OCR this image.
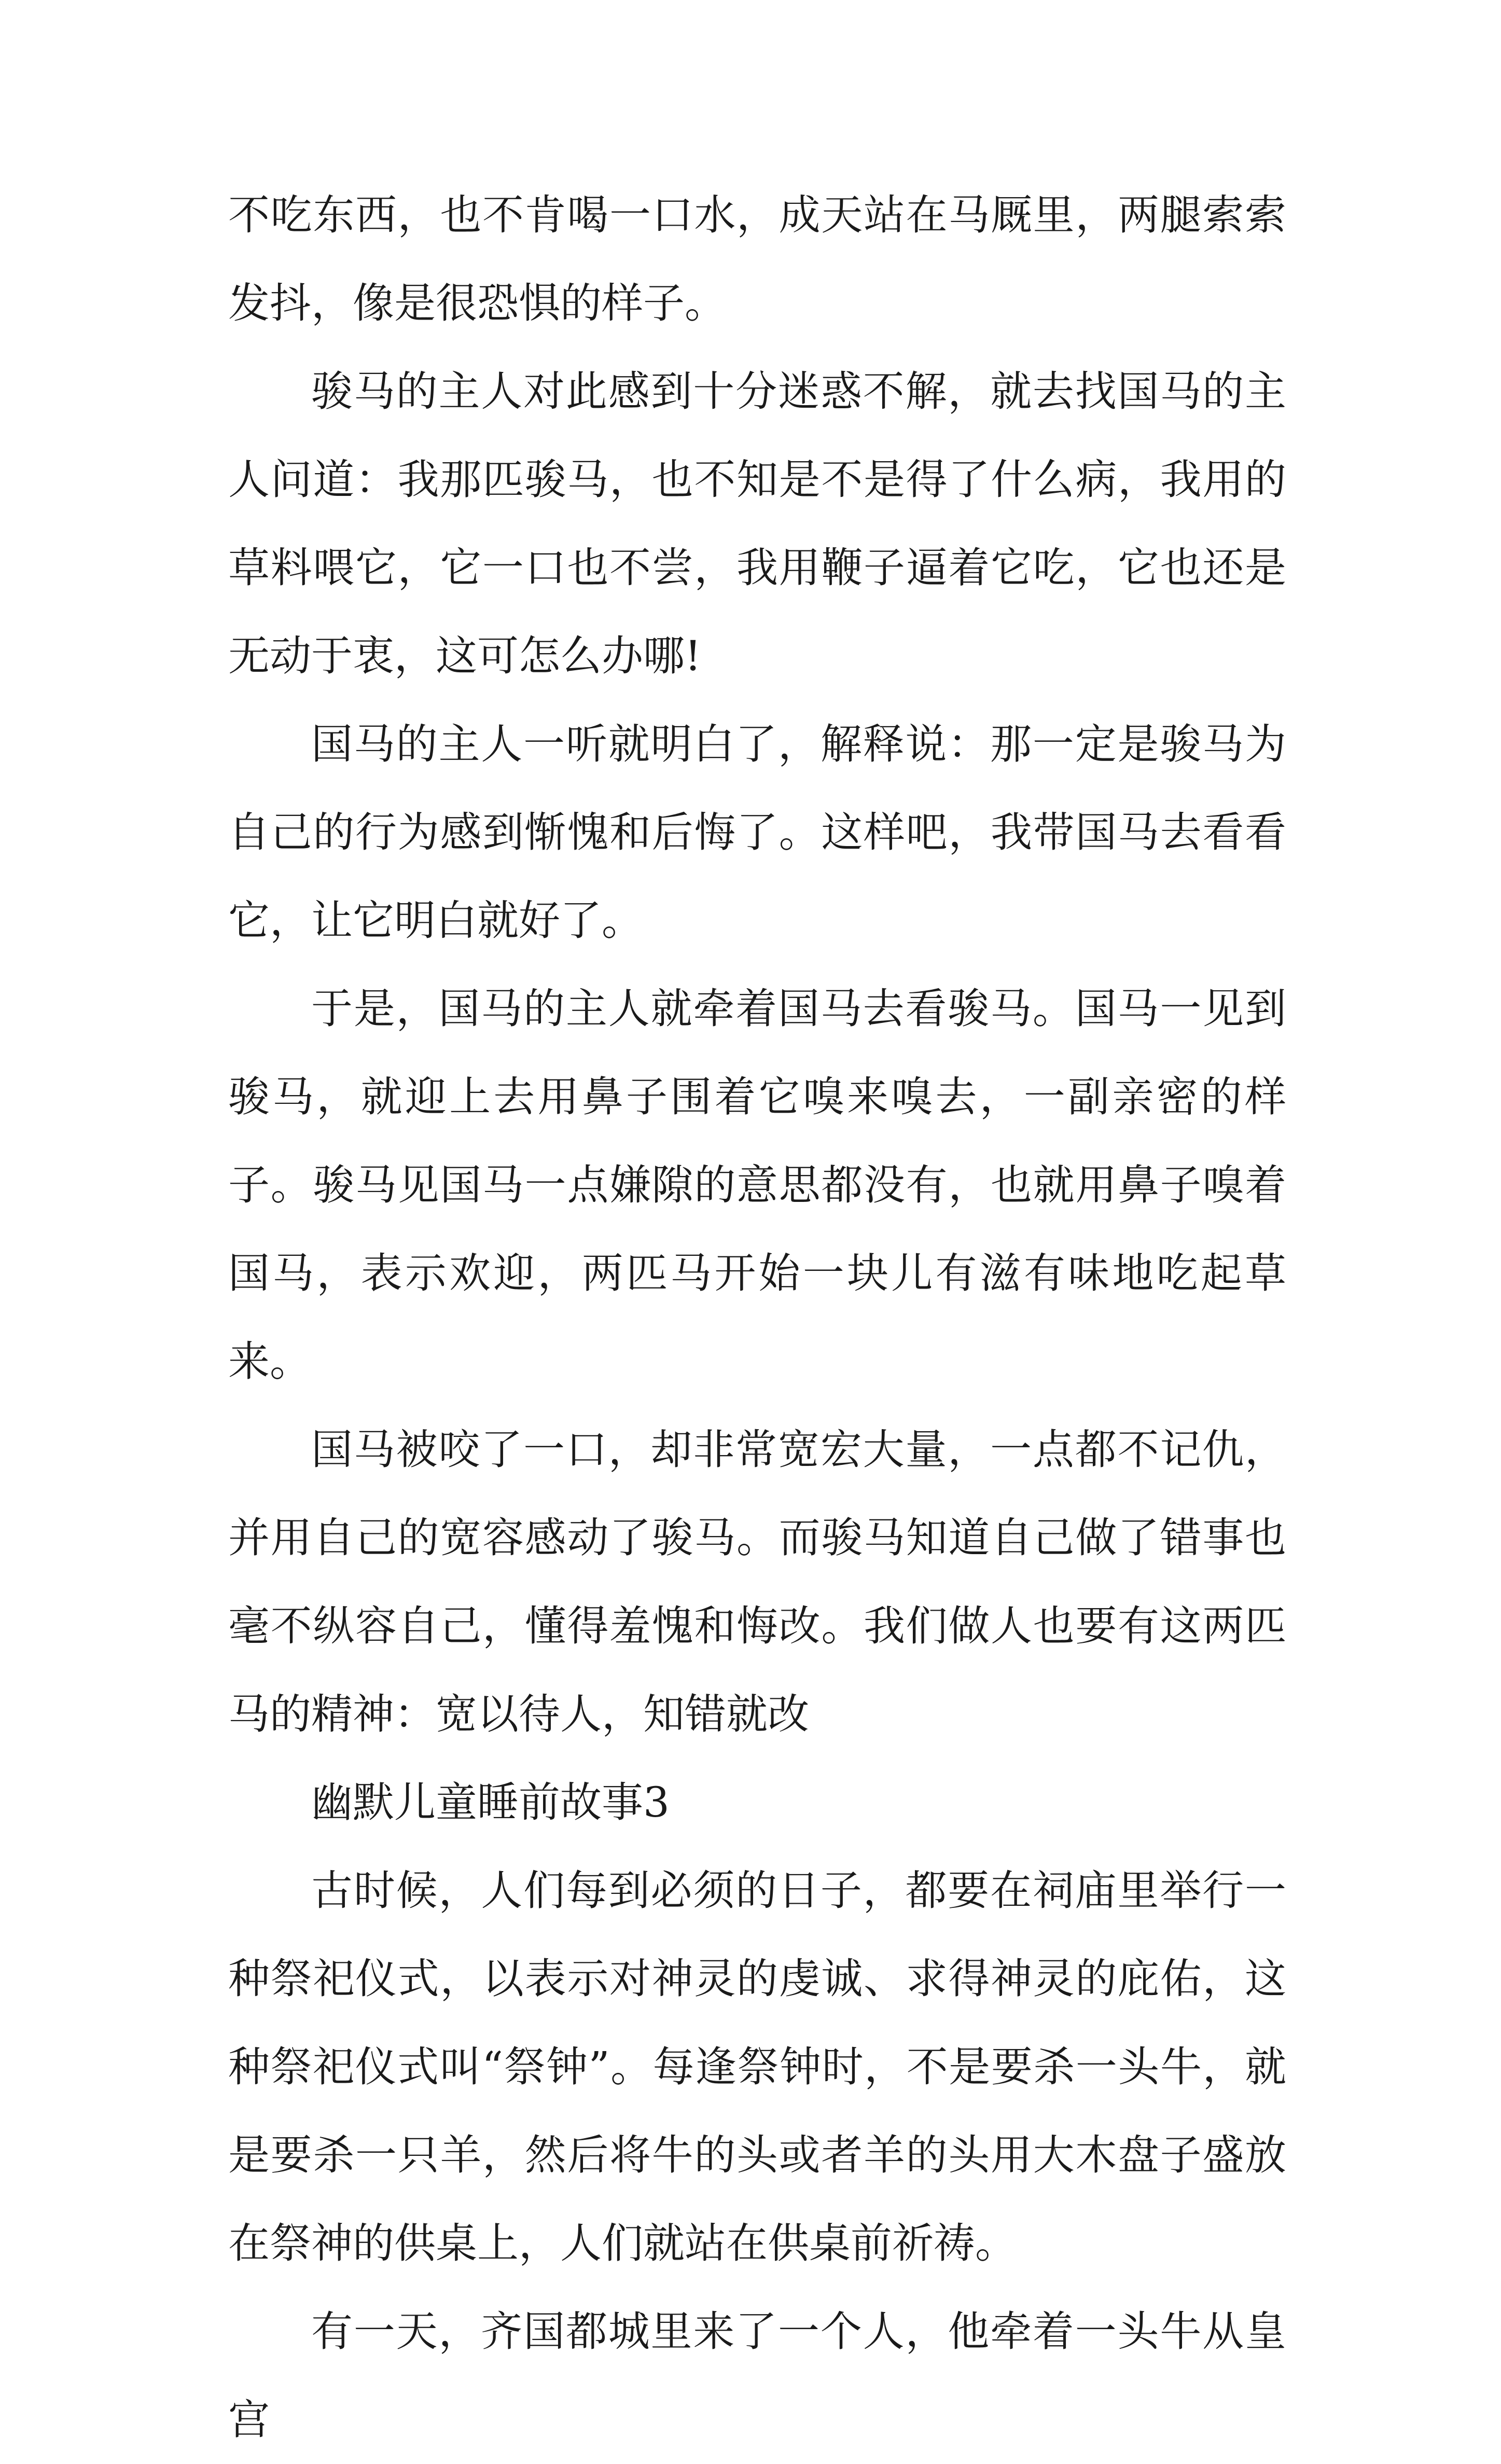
不吃东西，也不肯喝一口水，成天站在马厩里，两腿索索发抖，像是很恐惧的样子。

骏马的主人对此感到十分迷惑不解，就去找国马的主人问道：我那匹骏马，也不知是不是得了什么病，我用的草料喂它，它一口也不尝，我用鞭子逼着它吃，它也还是无动于衷，这可怎么办哪!

国马的主人一听就明白了，解释说：那一定是骏马为自己的行为感到惭愧和后悔了。这样吧，我带国马去看看它，让它明白就好了。

于是，国马的主人就牵着国马去看骏马。国马一见到骏马，就迎上去用鼻子围着它嗅来嗅去，一副亲密的样子。骏马见国马一点嫌隙的意思都没有，也就用鼻子嗅着国马，表示欢迎，两匹马开始一块儿有滋有味地吃起草来。

国马被咬了一口，却非常宽宏大量，一点都不记仇，并用自己的宽容感动了骏马。而骏马知道自己做了错事也毫不纵容自己，懂得羞愧和悔改。我们做人也要有这两匹马的精神：宽以待人，知错就改

幽默儿童睡前故事3

古时候，人们每到必须的日子，都要在祠庙里举行一种祭祀仪式，以表示对神灵的虔诚、求得神灵的庇佑，这种祭祀仪式叫“祭钟”。每逢祭钟时，不是要杀一头牛，就是要杀一只羊，然后将牛的头或者羊的头用大木盘子盛放在祭神的供桌上，人们就站在供桌前祈祷。

有一天，齐国都城里来了一个人，他牵着一头牛从皇宫
